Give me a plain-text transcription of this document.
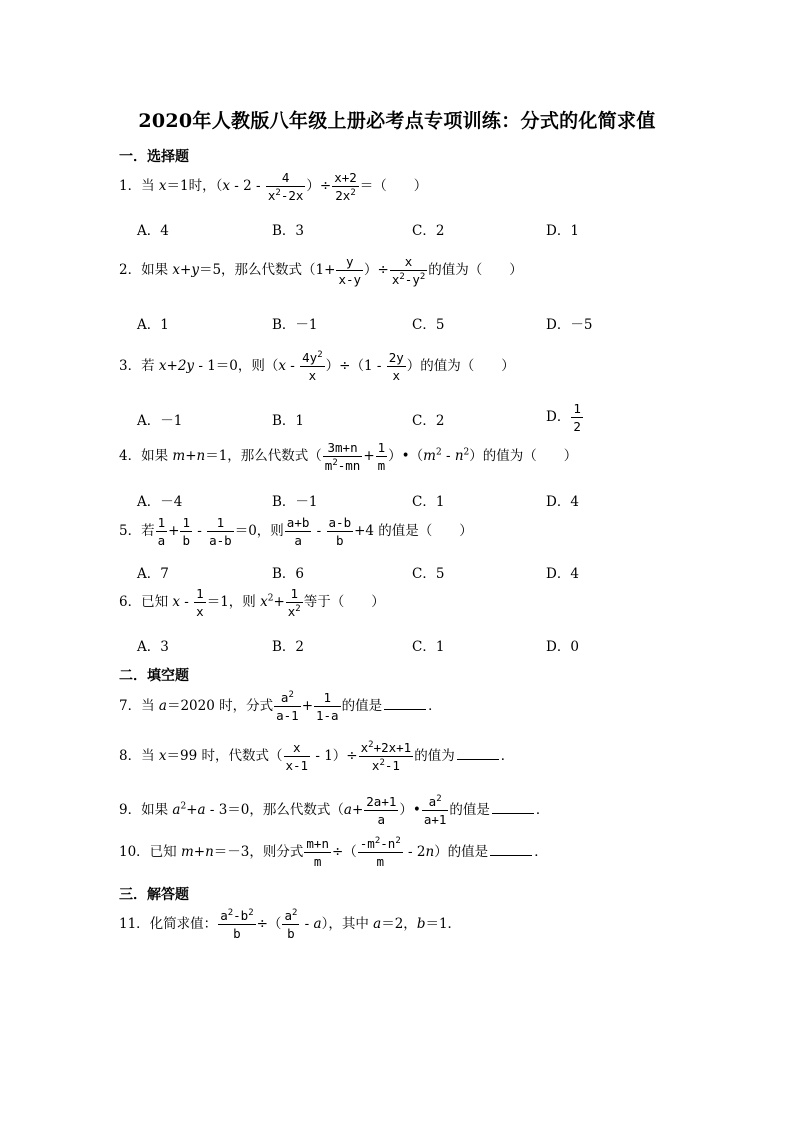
2020年人教版八年级上册必考点专项训练：分式的化简求值
一．选择题
1．当 x＝1时，（$x - 2 - \frac{4}{x^2-2x}$ ）÷ $\frac{x+2}{2x^2}$ ＝（　　）
A．4	B．3	C．2	D．1
2．如果 x+y＝5，那么代数式（$1+ \frac{y}{x-y}$ ）÷ $\frac{x}{x^2-y^2}$ 的值为（　　）
A．1	B．－1	C．5	D．－5
3．若 x+2y - 1＝0，则$(x - \frac{4y^2}{x} )\div(1 - \frac{2y}{x}$ ）的值为（　　）
A．－1	B．1	C．2	D． $\frac{1}{2}$
4．如果 m+n＝1，那么代数式（ $\frac{3m+n}{m^2-mn} + \frac{1}{m}$ ）$•(m^2 - n^2)$的值为（　　）
A．－4	B．－1	C．1	D．4
5．若 $\frac{1}{a} + \frac{1}{b} - \frac{1}{a-b} =0$，则 $\frac{a+b}{a} - \frac{a-b}{b} +4$ 的值是（　　）
A．7	B．6	C．5	D．4
6．已知 $x - \frac{1}{x} =1$，则 $x^2+ \frac{1}{x^2}$ 等于（　　）
A．3	B．2	C．1	D．0
二．填空题
7．当 a＝2020 时，分式 $\frac{a^2}{a-1} + \frac{1}{1-a}$ 的值是	．
8．当 x＝99 时，代数式（ $\frac{x}{x-1} - 1)\div \frac{x^2+2x+1}{x^2-1}$ 的值为	．
9．如果 $a^2+a - 3=0$，那么代数式（$a+ \frac{2a+1}{a}$ ）• $\frac{a^2}{a+1}$ 的值是	．
10．已知 m+n＝－3，则分式 $\frac{m+n}{m}$ ÷（ $\frac{-m^2-n^2}{m} - 2n$）的值是	．
三．解答题
11．化简求值： $\frac{a^2-b^2}{b}$ ÷（ $\frac{a^2}{b} - a$），其中 a＝2，b＝1．
